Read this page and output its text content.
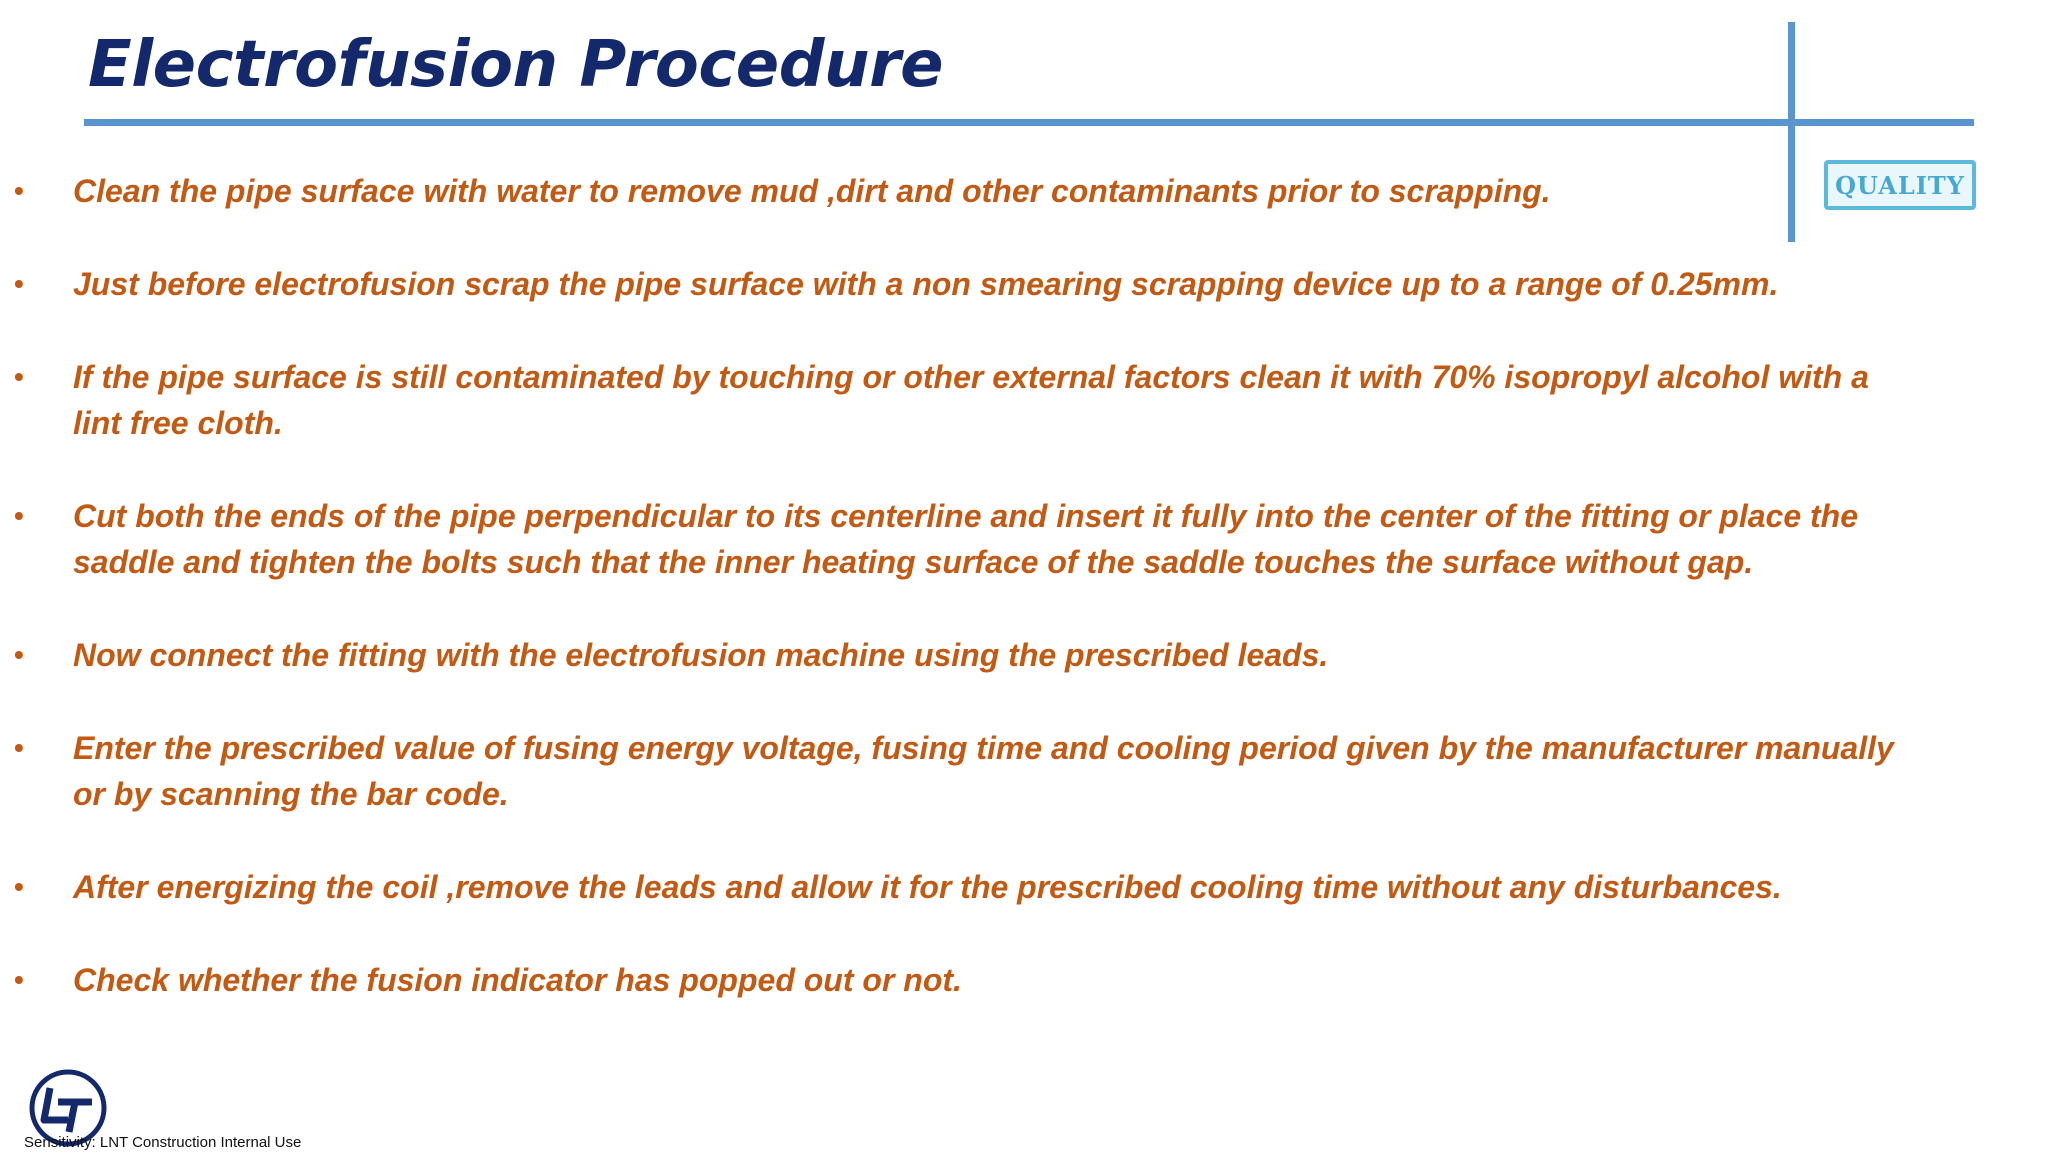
Electrofusion Procedure
QUALITY
• Clean the pipe surface with water to remove mud ,dirt and other contaminants prior to scrapping.
• Just before electrofusion scrap the pipe surface with a non smearing scrapping device up to a range of 0.25mm.
• If the pipe surface is still contaminated by touching or other external factors clean it with 70% isopropyl alcohol with a lint free cloth.
• Cut both the ends of the pipe perpendicular to its centerline and insert it fully into the center of the fitting or place the saddle and tighten the bolts such that the inner heating surface of the saddle touches the surface without gap.
• Now connect the fitting with the electrofusion machine using the prescribed leads.
• Enter the prescribed value of fusing energy voltage, fusing time and cooling period given by the manufacturer manually or by scanning the bar code.
• After energizing the coil ,remove the leads and allow it for the prescribed cooling time without any disturbances.
• Check whether the fusion indicator has popped out or not.
Sensitivity: LNT Construction Internal Use
